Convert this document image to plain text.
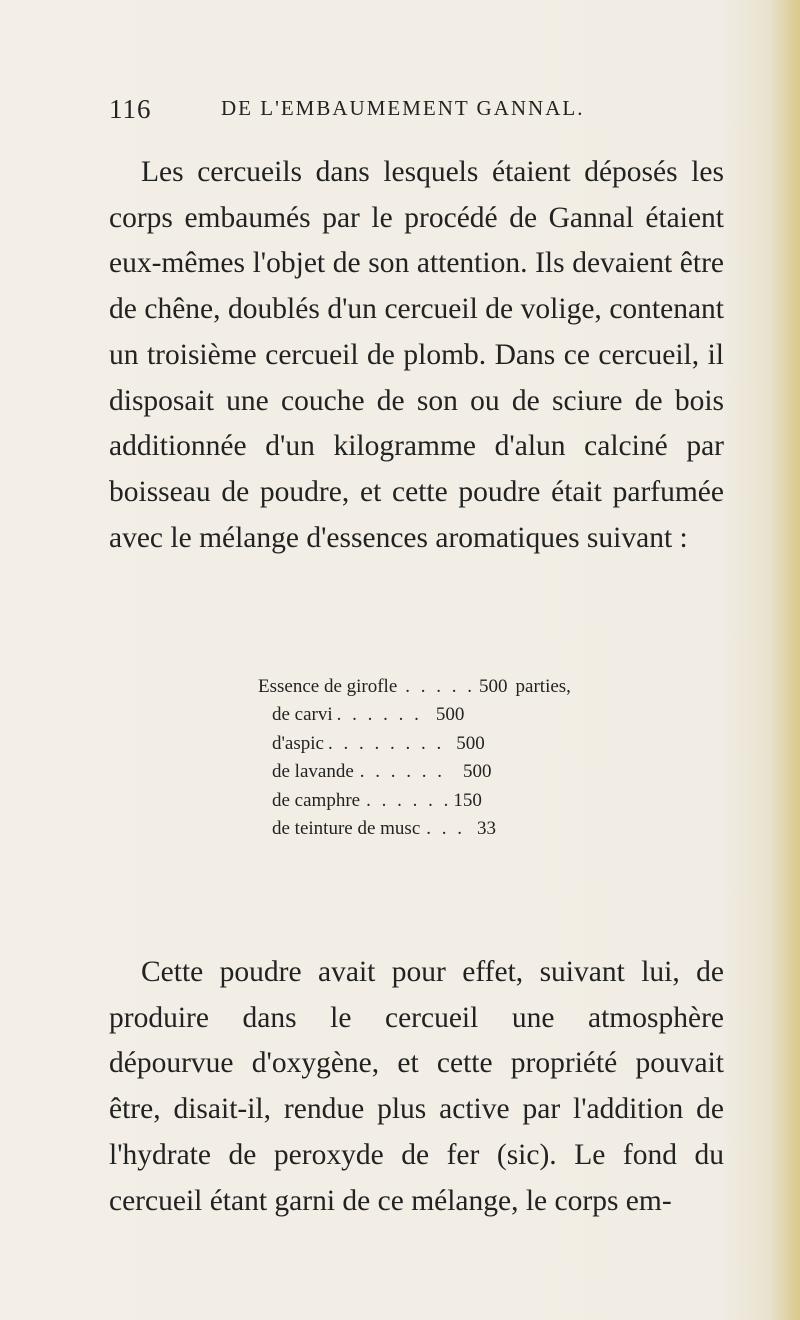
116	DE L'EMBAUMEMENT GANNAL.

Les cercueils dans lesquels étaient déposés les corps embaumés par le procédé de Gannal étaient eux-mêmes l'objet de son attention. Ils devaient être de chêne, doublés d'un cercueil de volige, contenant un troisième cercueil de plomb. Dans ce cercueil, il disposait une couche de son ou de sciure de bois additionnée d'un kilogramme d'alun calciné par boisseau de poudre, et cette poudre était parfumée avec le mélange d'essences aromatiques suivant :

Essence de girofle . . . . . 500 parties,
de carvi . . . . . . 500
d'aspic . . . . . . . . 500
de lavande . . . . . . 500
de camphre . . . . . . 150
de teinture de musc . . . 33

Cette poudre avait pour effet, suivant lui, de produire dans le cercueil une atmosphère dépourvue d'oxygène, et cette propriété pouvait être, disait-il, rendue plus active par l'addition de l'hydrate de peroxyde de fer (sic). Le fond du cercueil étant garni de ce mélange, le corps em-
